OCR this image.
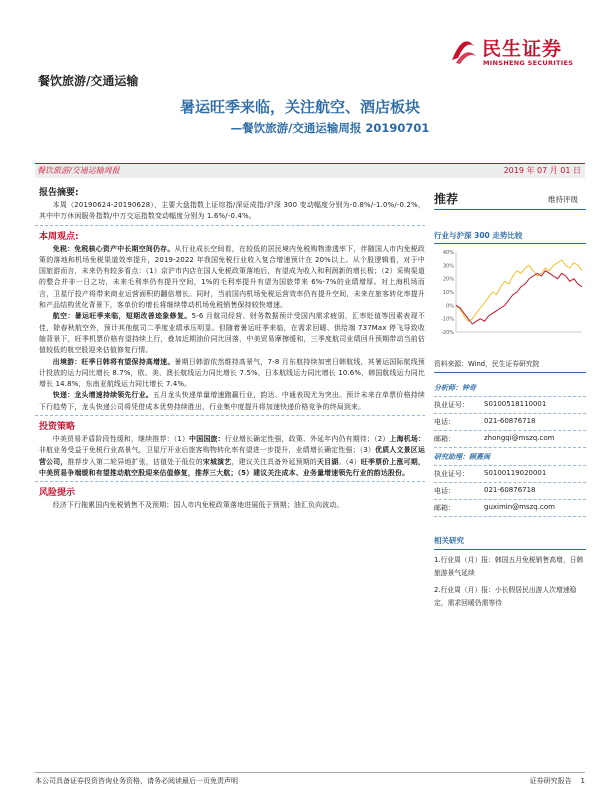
餐饮旅游/交通运输
民生证券
MINSHENG SECURITIES
暑运旺季来临，关注航空、酒店板块
—餐饮旅游/交通运输周报 20190701
餐饮旅游/交通运输周报	2019 年 07 月 01 日
报告摘要:
本周（20190624-20190628），主要大盘指数上证综指/深证成指/沪深 300 变动幅度分别为-0.8%/-1.0%/-0.2%，其中中万休闲服务指数/中万交运指数变动幅度分别为 1.6%/-0.4%。
本周观点:
免税：免税核心资产中长期空间仍存。从行业成长空间看，在较低的居民境内免税购物渗透率下，伴随国人市内免税政策的落地和机场免税渠道效率提升，2019-2022 年我国免税行业收入复合增速预计在 20%以上。从个股逻辑看，对于中国旅游而言，未来仍有较多看点：（1）京沪市内店在国人免税政策落地后，有望成为收入和利润新的增长极；（2）采购渠道的整合并非一日之功，未来毛利率仍有提升空间，1%的毛利率提升有望为国旅带来 6%-7%的业绩增厚。对上海机场而言，卫星厅投产将带来商业运营面积的翻倍增长。同时，当前国内机场免税运营效率仍有提升空间，未来在旅客转化率提升和产品结构优化背景下，客单价的增长将继续带动机场免税销售保持较快增速。
航空：暑运旺季来临，短期改善迹象修复。5-6 月航司经营、财务数据预计受国内需求疲弱，汇率贬值等因素表现不佳，除春秋航空外，预计其他航司二季度业绩承压明显。但随着暑运旺季来临，在需求回暖、供给端 737Max 停飞导致收缩背景下，旺季机票价格有望持续上行，叠加近期油价同比回落，中美贸易摩擦缓和，三季度航司业绩回升预期带动当前估值较低的航空股迎来估值修复行情。
出境游：旺季日韩将有望保持高增速。暑期日韩游依然维持高景气，7-8 月东航持续加密日韩航线，其暑运国际航线预计投放的运力同比增长 8.7%，欧、美、澳长航线运力同比增长 7.5%，日本航线运力同比增长 10.6%，韩国航线运力同比增长 14.8%，东南亚航线运力同比增长 7.4%。
快递：龙头增速持续领先行业。五月龙头快递单量增速跑赢行业，韵达、中通表现尤为突出。预计未来在单票价格持续下行趋势下，龙头快递公司将凭借成本优势持续胜出，行业集中度提升将加速快递价格竞争的终局到来。
投资策略
中美贸易矛盾阶段性缓和，继续推荐：（1）中国国旅：行业增长确定性强，政策、外延年内仍有期待；（2）上海机场：非航业务受益于免税行业高景气，卫星厅开业后旅客购物转化率有望进一步提升，业绩增长确定性强；（3）优质人文景区运营公司，推荐步入第二轮异地扩张，估值处于低位的宋城演艺，建议关注具备外延预期的天目湖。（4）旺季票价上涨可期，中美贸易争端缓和有望推动航空股迎来估值修复，推荐三大航；（5）建议关注成本、业务量增速领先行业的韵达股份。
风险提示
经济下行拖累国内免税销售不及预期；国人市内免税政策落地进展低于预期；油汇负向波动。
推荐	维持评级
行业与沪深 300 走势比较
40%
30%
20%
10%
0%
-10%
-20%
资料来源：Wind，民生证券研究院
分析师：钟奇
执业证号：	S0100518110001
电话：	021-60876718
邮箱：	zhongqi@mszq.com
研究助理：顾熹闽
执业证号：	S0100119020001
电话：	021-60876718
邮箱：	guximin@mszq.com
相关研究
1.行业周（月）报：韩国五月免税销售高增，日韩旅游景气延续
2.行业周（月）报：小长假居民出游人次增速稳定，需求回暖仍需等待
本公司具备证券投资咨询业务资格，请务必阅读最后一页免责声明	证券研究报告 1
